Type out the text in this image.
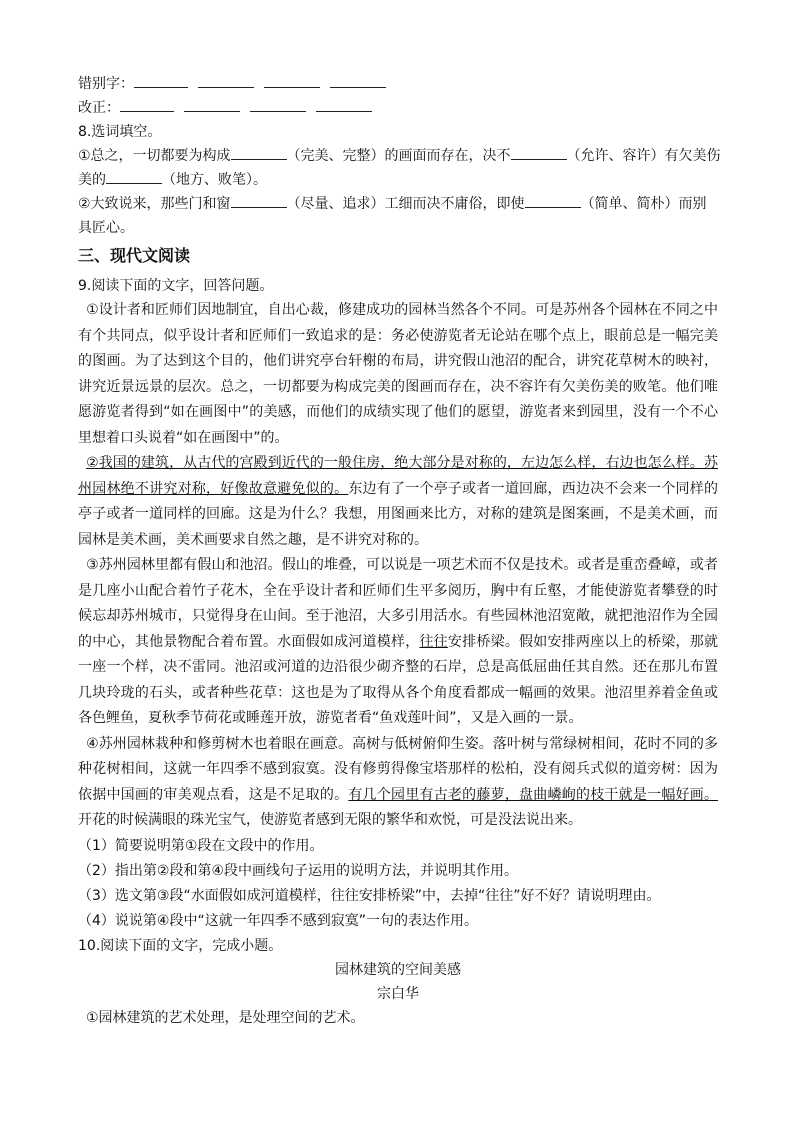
错别字：
改正：
8.选词填空。
①总之，一切都要为构成	（完美、完整）的画面而存在，决不	（允许、容许）有欠美伤
美的	（地方、败笔）。
②大致说来，那些门和窗	（尽量、追求）工细而决不庸俗，即使	（简单、简朴）而别
具匠心。
三、现代文阅读
9.阅读下面的文字，回答问题。
①设计者和匠师们因地制宜，自出心裁，修建成功的园林当然各个不同。可是苏州各个园林在不同之中有个共同点，似乎设计者和匠师们一致追求的是：务必使游览者无论站在哪个点上，眼前总是一幅完美的图画。为了达到这个目的，他们讲究亭台轩榭的布局，讲究假山池沼的配合，讲究花草树木的映衬，讲究近景远景的层次。总之，一切都要为构成完美的图画而存在，决不容许有欠美伤美的败笔。他们唯愿游览者得到“如在画图中”的美感，而他们的成绩实现了他们的愿望，游览者来到园里，没有一个不心里想着口头说着“如在画图中”的。
②我国的建筑，从古代的宫殿到近代的一般住房，绝大部分是对称的，左边怎么样，右边也怎么样。苏州园林绝不讲究对称，好像故意避免似的。东边有了一个亭子或者一道回廊，西边决不会来一个同样的亭子或者一道同样的回廊。这是为什么？我想，用图画来比方，对称的建筑是图案画，不是美术画，而园林是美术画，美术画要求自然之趣，是不讲究对称的。
③苏州园林里都有假山和池沼。假山的堆叠，可以说是一项艺术而不仅是技术。或者是重峦叠嶂，或者是几座小山配合着竹子花木，全在乎设计者和匠师们生平多阅历，胸中有丘壑，才能使游览者攀登的时候忘却苏州城市，只觉得身在山间。至于池沼，大多引用活水。有些园林池沼宽敞，就把池沼作为全园的中心，其他景物配合着布置。水面假如成河道模样，往往安排桥梁。假如安排两座以上的桥梁，那就一座一个样，决不雷同。池沼或河道的边沿很少砌齐整的石岸，总是高低屈曲任其自然。还在那儿布置几块玲珑的石头，或者种些花草：这也是为了取得从各个角度看都成一幅画的效果。池沼里养着金鱼或各色鲤鱼，夏秋季节荷花或睡莲开放，游览者看“鱼戏莲叶间”，又是入画的一景。
④苏州园林栽种和修剪树木也着眼在画意。高树与低树俯仰生姿。落叶树与常绿树相间，花时不同的多种花树相间，这就一年四季不感到寂寞。没有修剪得像宝塔那样的松柏，没有阅兵式似的道旁树：因为依据中国画的审美观点看，这是不足取的。有几个园里有古老的藤萝，盘曲嶙峋的枝干就是一幅好画。开花的时候满眼的珠光宝气，使游览者感到无限的繁华和欢悦，可是没法说出来。
（1）简要说明第①段在文段中的作用。
（2）指出第②段和第④段中画线句子运用的说明方法，并说明其作用。
（3）选文第③段“水面假如成河道模样，往往安排桥梁”中，去掉“往往”好不好？请说明理由。
（4）说说第④段中“这就一年四季不感到寂寞”一句的表达作用。
10.阅读下面的文字，完成小题。
园林建筑的空间美感
宗白华
①园林建筑的艺术处理，是处理空间的艺术。
